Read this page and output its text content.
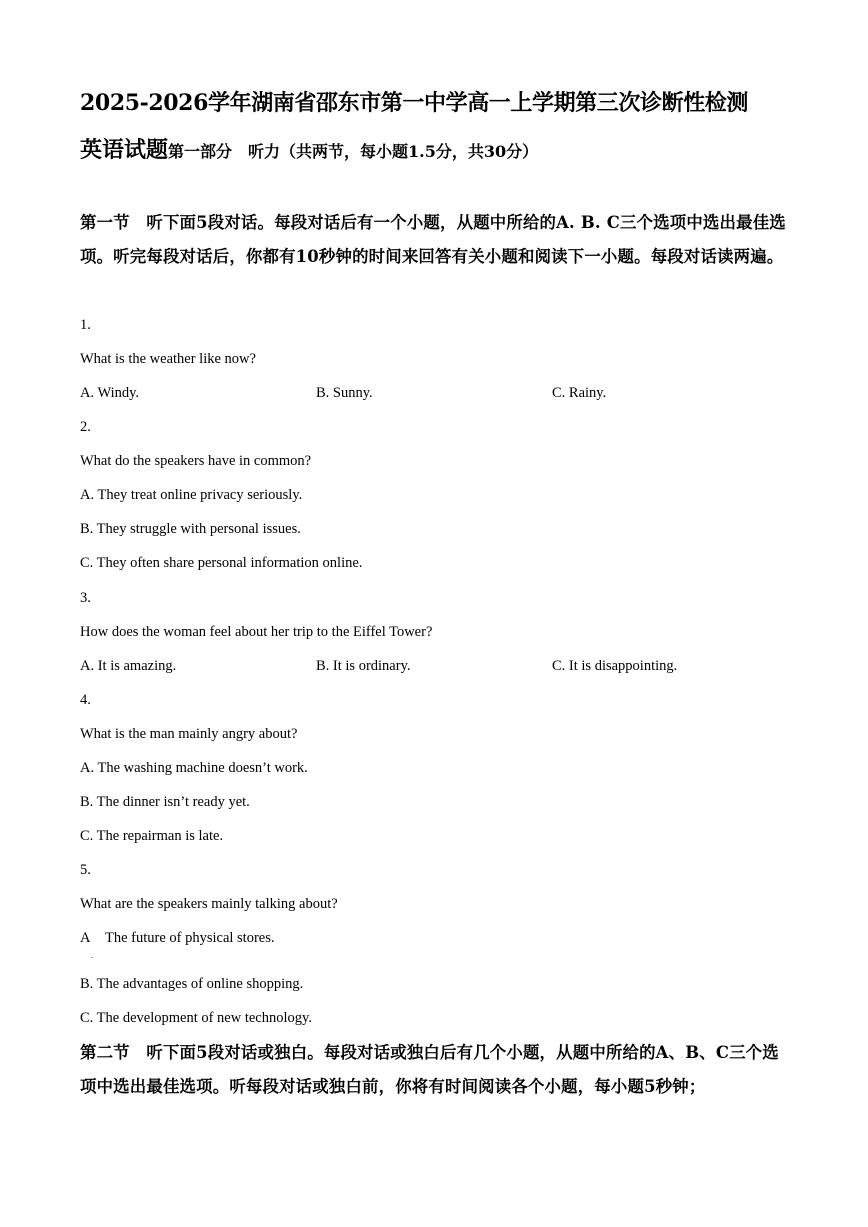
2025-2026学年湖南省邵东市第一中学高一上学期第三次诊断性检测
英语试题第一部分　听力（共两节，每小题1.5分，共30分）
第一节　听下面5段对话。每段对话后有一个小题，从题中所给的A. B. C三个选项中选出最佳选项。听完每段对话后，你都有10秒钟的时间来回答有关小题和阅读下一小题。每段对话读两遍。
1.
What is the weather like now?
A. Windy.	B. Sunny.	C. Rainy.
2.
What do the speakers have in common?
A. They treat online privacy seriously.
B. They struggle with personal issues.
C. They often share personal information online.
3.
How does the woman feel about her trip to the Eiffel Tower?
A. It is amazing.	B. It is ordinary.	C. It is disappointing.
4.
What is the man mainly angry about?
A. The washing machine doesn’t work.
B. The dinner isn’t ready yet.
C. The repairman is late.
5.
What are the speakers mainly talking about?
A The future of physical stores.
.
B. The advantages of online shopping.
C. The development of new technology.
第二节　听下面5段对话或独白。每段对话或独白后有几个小题，从题中所给的A、B、C三个选项中选出最佳选项。听每段对话或独白前，你将有时间阅读各个小题，每小题5秒钟；
